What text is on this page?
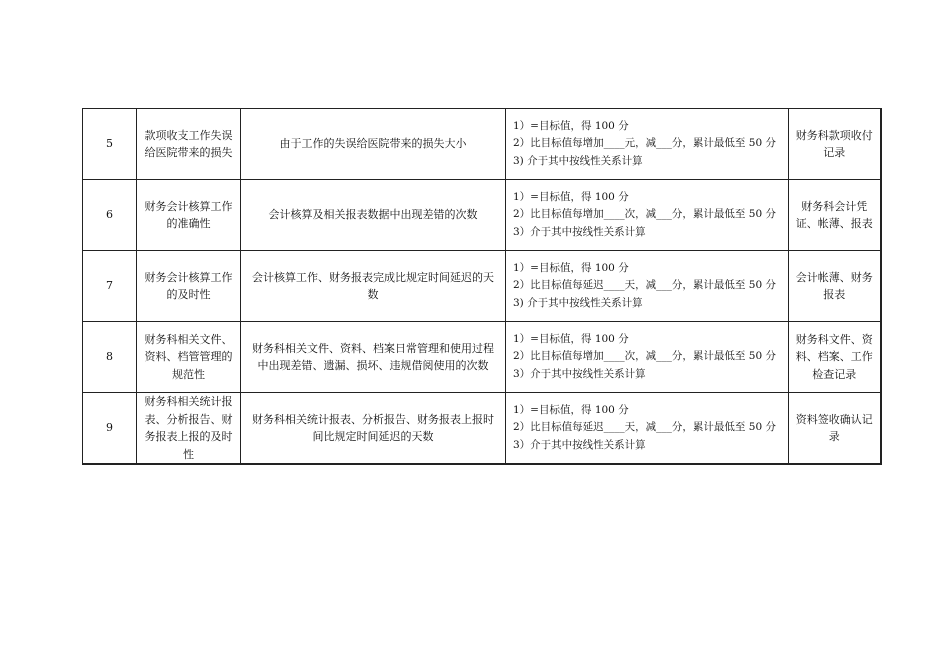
5	款项收支工作失误给医院带来的损失	由于工作的失误给医院带来的损失大小	1）=目标值，得 100 分
2）比目标值每增加____元，减___分，累计最低至 50 分
3) 介于其中按线性关系计算	财务科款项收付记录
6	财务会计核算工作的准确性	会计核算及相关报表数据中出现差错的次数	1）=目标值，得 100 分
2）比目标值每增加____次，减___分，累计最低至 50 分
3）介于其中按线性关系计算	财务科会计凭证、帐薄、报表
7	财务会计核算工作的及时性	会计核算工作、财务报表完成比规定时间延迟的天数	1）=目标值，得 100 分
2）比目标值每延迟____天，减___分，累计最低至 50 分
3) 介于其中按线性关系计算	会计帐薄、财务报表
8	财务科相关文件、资料、档管管理的规范性	财务科相关文件、资料、档案日常管理和使用过程中出现差错、遗漏、损坏、违规借阅使用的次数	1）=目标值，得 100 分
2）比目标值每增加____次，减___分，累计最低至 50 分
3）介于其中按线性关系计算	财务科文件、资料、档案、工作检查记录
9	财务科相关统计报表、分析报告、财务报表上报的及时性	财务科相关统计报表、分析报告、财务报表上报时间比规定时间延迟的天数	1）=目标值，得 100 分
2）比目标值每延迟____天，减___分，累计最低至 50 分
3）介于其中按线性关系计算	资料签收确认记录
